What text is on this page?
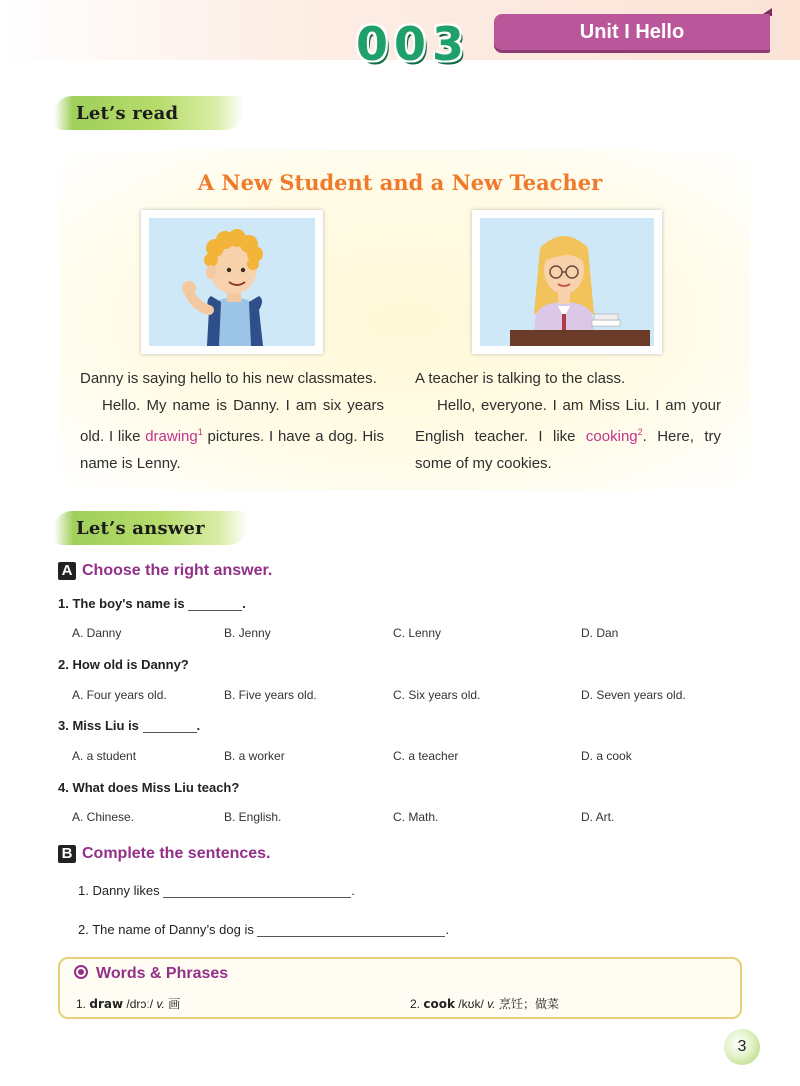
0 0 3	Unit I Hello
Let’s read
A New Student and a New Teacher

Danny is saying hello to his new classmates.

Hello. My name is Danny. I am six years old. I like drawing$^1$ pictures. I have a dog. His name is Lenny.

A teacher is talking to the class.

Hello, everyone. I am Miss Liu. I am your English teacher. I like cooking$^2$. Here, try some of my cookies.

Let’s answer
A Choose the right answer.
1. The boy's name is	.
A. Danny	B. Jenny	C. Lenny	D. Dan
2. How old is Danny?
A. Four years old.	B. Five years old.	C. Six years old.	D. Seven years old.
3. Miss Liu is	.
A. a student	B. a worker	C. a teacher	D. a cook
4. What does Miss Liu teach?
A. Chinese.	B. English.	C. Math.	D. Art.
B Complete the sentences.
1. Danny likes	.
2. The name of Danny’s dog is	.
Words & Phrases
1. draw /drɔː/ v. 画	2. cook /kʊk/ v. 烹饪；做菜
3
